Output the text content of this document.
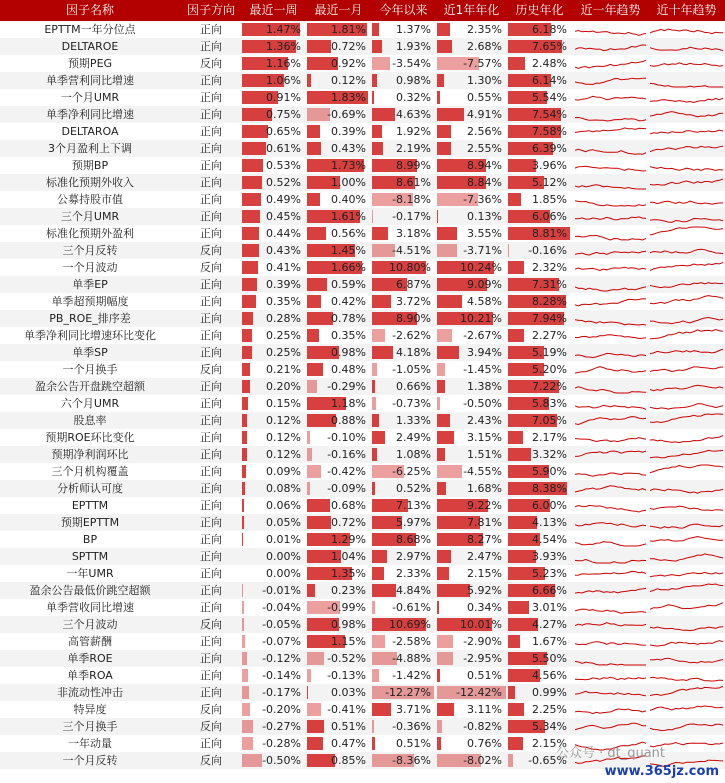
因子名称	因子方向	最近一周	最近一月	今年以来	近1年年化	历史年化	近一年趋势	近十年趋势
EPTTM一年分位点	正向	1.47%	1.81%	1.37%	2.35%	6.18%
DELTAROE	正向	1.36%	0.72%	1.93%	2.68%	7.65%
预期PEG	反向	1.16%	0.92%	-3.54%	-7.57%	2.48%
单季营利同比增速	正向	1.06%	0.12%	0.98%	1.30%	6.14%
一个月UMR	正向	0.91%	1.83%	0.32%	0.55%	5.54%
单季净利同比增速	正向	0.75%	-0.69%	4.63%	4.91%	7.54%
DELTAROA	正向	0.65%	0.39%	1.92%	2.56%	7.58%
3个月盈利上下调	正向	0.61%	0.43%	2.19%	2.55%	6.39%
预期BP	正向	0.53%	1.73%	8.99%	8.94%	3.96%
标准化预期外收入	正向	0.52%	1.00%	8.61%	8.84%	5.12%
公募持股市值	正向	0.49%	0.40%	-8.18%	-7.36%	1.85%
三个月UMR	正向	0.45%	1.61%	-0.17%	0.13%	6.06%
标准化预期外盈利	正向	0.44%	0.56%	3.18%	3.55%	8.81%
三个月反转	反向	0.43%	1.45%	-4.51%	-3.71%	-0.16%
一个月波动	反向	0.41%	1.66%	10.80%	10.24%	2.32%
单季EP	正向	0.39%	0.59%	6.87%	9.09%	7.31%
单季超预期幅度	正向	0.35%	0.42%	3.72%	4.58%	8.28%
PB_ROE_排序差	正向	0.28%	0.78%	8.90%	10.21%	7.94%
单季净利同比增速环比变化	正向	0.25%	0.35%	-2.62%	-2.67%	2.27%
单季SP	正向	0.25%	0.98%	4.18%	3.94%	5.19%
一个月换手	反向	0.21%	0.48%	-1.05%	-1.45%	5.20%
盈余公告开盘跳空超额	正向	0.20%	-0.29%	0.66%	1.38%	7.22%
六个月UMR	正向	0.15%	1.18%	-0.73%	-0.50%	5.83%
股息率	正向	0.12%	0.88%	1.33%	2.43%	7.05%
预期ROE环比变化	正向	0.12%	-0.10%	2.49%	3.15%	2.17%
预期净利润环比	正向	0.12%	-0.16%	1.08%	1.51%	3.32%
三个月机构覆盖	正向	0.09%	-0.42%	-6.25%	-4.55%	5.90%
分析师认可度	正向	0.08%	-0.09%	0.52%	1.68%	8.38%
EPTTM	正向	0.06%	0.68%	7.13%	9.22%	6.00%
预期EPTTM	正向	0.05%	0.72%	5.97%	7.81%	4.13%
BP	正向	0.01%	1.29%	8.68%	8.27%	4.54%
SPTTM	正向	0.00%	1.04%	2.97%	2.47%	3.93%
一年UMR	正向	0.00%	1.35%	2.33%	2.15%	5.23%
盈余公告最低价跳空超额	正向	-0.01%	0.23%	4.84%	5.92%	6.66%
单季营收同比增速	正向	-0.04%	-0.99%	-0.61%	0.34%	3.01%
三个月波动	反向	-0.05%	0.98%	10.69%	10.01%	4.27%
高管薪酬	正向	-0.07%	1.15%	-2.58%	-2.90%	1.67%
单季ROE	正向	-0.12%	-0.52%	-4.88%	-2.95%	5.50%
单季ROA	正向	-0.14%	-0.13%	-1.42%	0.51%	4.56%
非流动性冲击	正向	-0.17%	0.03%	-12.27%	-12.42%	0.99%
特异度	反向	-0.20%	-0.41%	3.71%	3.11%	2.25%
三个月换手	反向	-0.27%	0.51%	-0.36%	-0.82%	5.34%
一年动量	正向	-0.28%	0.47%	0.51%	0.76%	2.15%
一个月反转	反向	-0.50%	0.85%	-8.36%	-8.02%	-0.65%
公众号 · dt_quant
www.365jz.com
